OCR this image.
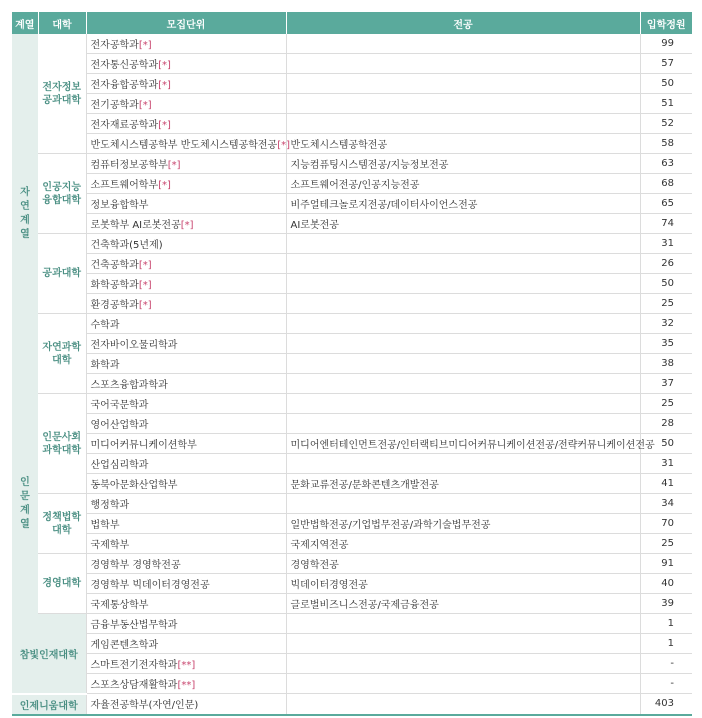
계열	대학	모집단위	전공	입학정원
자연계열	전자정보공과대학	전자공학과[*]		99
		전자통신공학과[*]		57
		전자융합공학과[*]		50
		전기공학과[*]		51
		전자재료공학과[*]		52
		반도체시스템공학부 반도체시스템공학전공[*]	반도체시스템공학전공	58
	인공지능융합대학	컴퓨터정보공학부[*]	지능컴퓨팅시스템전공/지능정보전공	63
		소프트웨어학부[*]	소프트웨어전공/인공지능전공	68
		정보융합학부	비주얼테크놀로지전공/데이터사이언스전공	65
		로봇학부 AI로봇전공[*]	AI로봇전공	74
	공과대학	건축학과(5년제)		31
		건축공학과[*]		26
		화학공학과[*]		50
		환경공학과[*]		25
	자연과학대학	수학과		32
		전자바이오물리학과		35
		화학과		38
		스포츠융합과학과		37
인문계열	인문사회과학대학	국어국문학과		25
		영어산업학과		28
		미디어커뮤니케이션학부	미디어엔터테인먼트전공/인터랙티브미디어커뮤니케이션전공/전략커뮤니케이션전공	50
		산업심리학과		31
		동북아문화산업학부	문화교류전공/문화콘텐츠개발전공	41
	정책법학대학	행정학과		34
		법학부	일반법학전공/기업법무전공/과학기술법무전공	70
		국제학부	국제지역전공	25
	경영대학	경영학부 경영학전공	경영학전공	91
		경영학부 빅데이터경영전공	빅데이터경영전공	40
		국제통상학부	글로벌비즈니스전공/국제금융전공	39
참빛인재대학		금융부동산법무학과		1
		게임콘텐츠학과		1
		스마트전기전자학과[**]		-
		스포츠상담재활학과[**]		-
인제니움대학		자율전공학부(자연/인문)		403
